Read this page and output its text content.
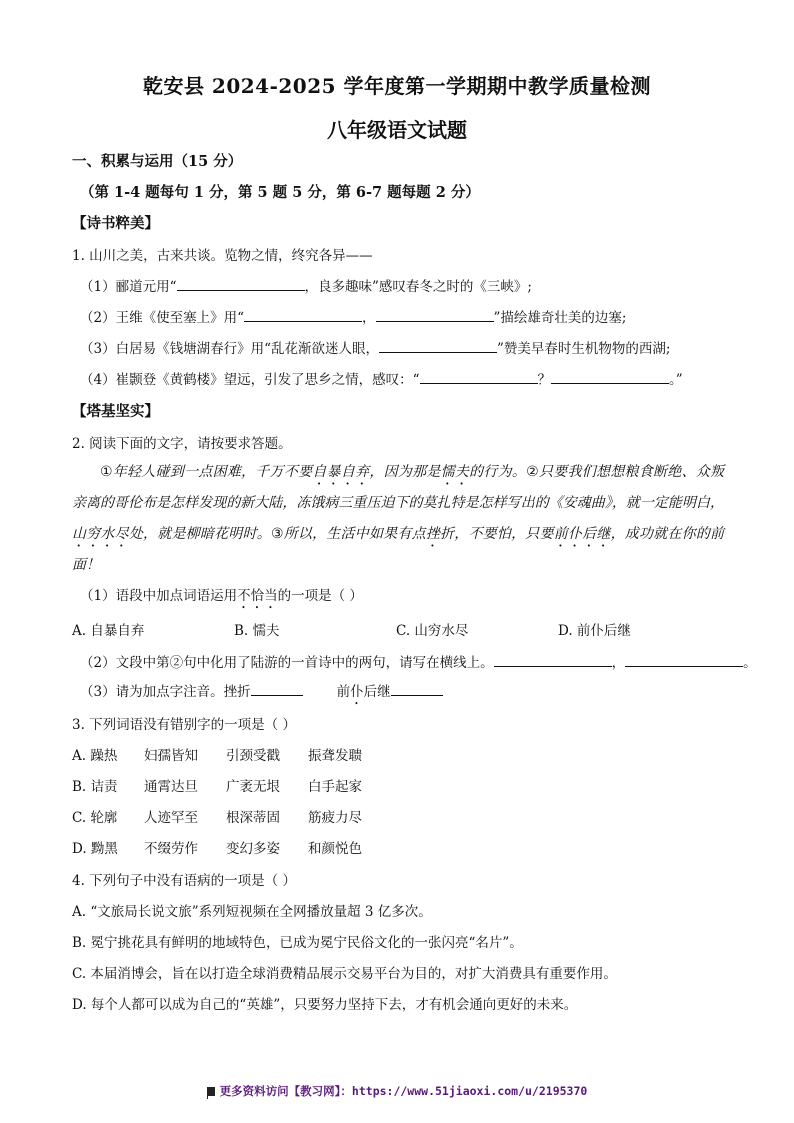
乾安县 2024-2025 学年度第一学期期中教学质量检测
八年级语文试题
一、积累与运用（15 分）
（第 1-4 题每句 1 分，第 5 题 5 分，第 6-7 题每题 2 分）
【诗书粹美】
1. 山川之美，古来共谈。览物之情，终究各异——
（1）郦道元用“	，良多趣味”感叹春冬之时的《三峡》;
（2）王维《使至塞上》用“	，	”描绘雄奇壮美的边塞;
（3）白居易《钱塘湖春行》用“乱花渐欲迷人眼，	”赞美早春时生机物物的西湖;
（4）崔颢登《黄鹤楼》望远，引发了思乡之情，感叹：“	？	。”
【塔基坚实】
2. 阅读下面的文字，请按要求答题。

①年轻人碰到一点困难，千万不要自暴自弃，因为那是懦夫的行为。②只要我们想想粮食断绝、众叛亲离的哥伦布是怎样发现的新大陆，冻饿病三重压迫下的莫扎特是怎样写出的《安魂曲》，就一定能明白，山穷水尽处，就是柳暗花明时。③所以，生活中如果有点挫折，不要怕，只要前仆后继，成功就在你的前面！

（1）语段中加点词语运用不恰当的一项是（ ）
A. 自暴自弃	B. 懦夫	C. 山穷水尽	D. 前仆后继
（2）文段中第②句中化用了陆游的一首诗中的两句，请写在横线上。	，	。
（3）请为加点字注音。挫折	前仆后继
3. 下列词语没有错别字的一项是（ ）
A. 躁热 妇孺皆知 引颈受戳 振聋发聩
B. 诘责 通霄达旦 广袤无垠 白手起家
C. 轮廓 人迹罕至 根深蒂固 筋疲力尽
D. 黝黑 不缀劳作 变幻多姿 和颜悦色
4. 下列句子中没有语病的一项是（ ）
A. “文旅局长说文旅”系列短视频在全网播放量超 3 亿多次。
B. 冕宁挑花具有鲜明的地域特色，已成为冕宁民俗文化的一张闪亮“名片”。
C. 本届消博会，旨在以打造全球消费精品展示交易平台为目的，对扩大消费具有重要作用。
D. 每个人都可以成为自己的“英雄”，只要努力坚持下去，才有机会通向更好的未来。
更多资料访问【教习网】：https://www.51jiaoxi.com/u/2195370
